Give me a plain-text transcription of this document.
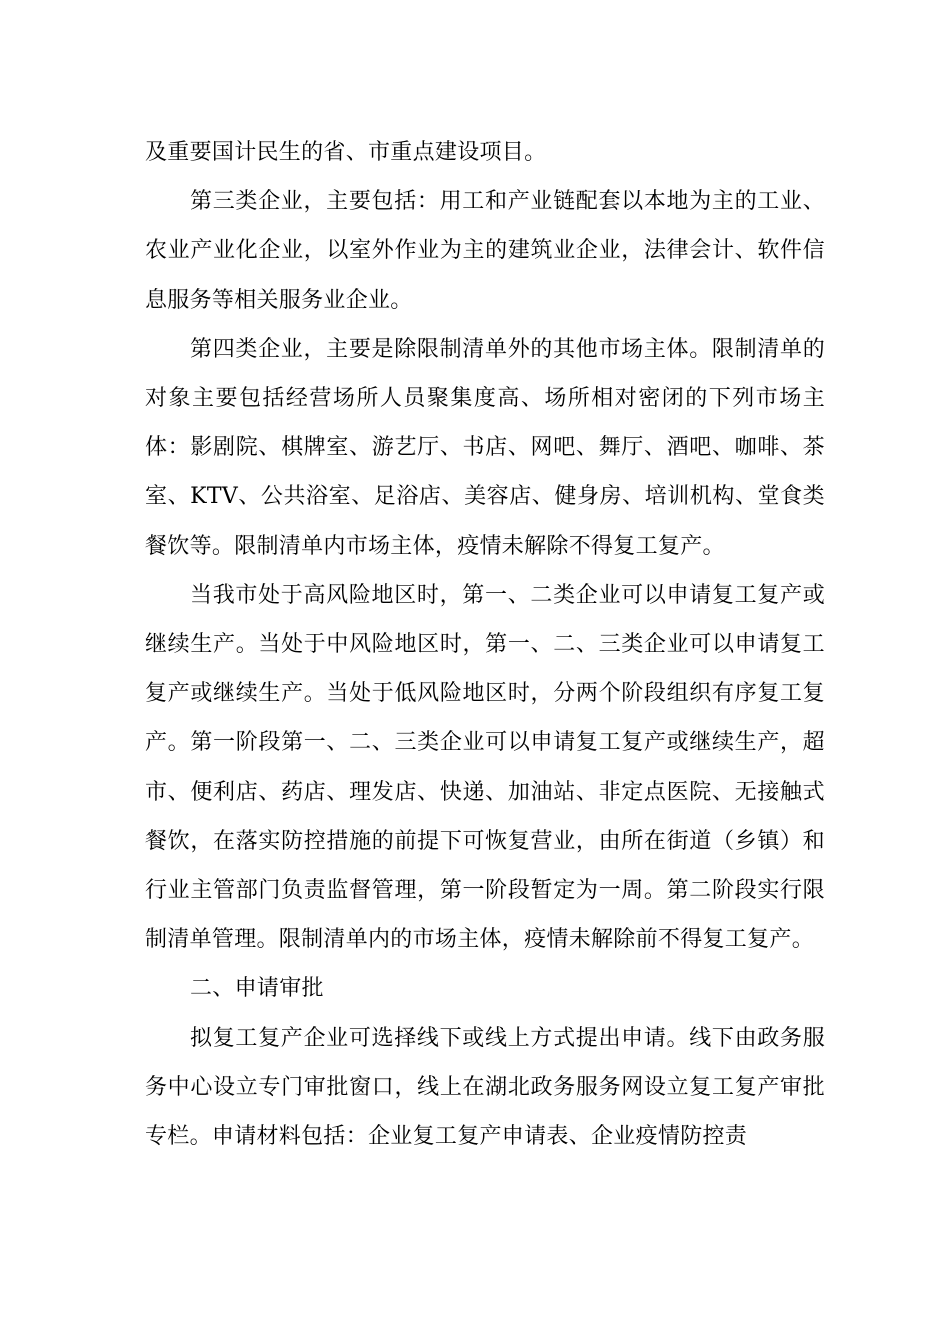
及重要国计民生的省、市重点建设项目。

第三类企业，主要包括：用工和产业链配套以本地为主的工业、农业产业化企业，以室外作业为主的建筑业企业，法律会计、软件信息服务等相关服务业企业。

第四类企业，主要是除限制清单外的其他市场主体。限制清单的对象主要包括经营场所人员聚集度高、场所相对密闭的下列市场主体：影剧院、棋牌室、游艺厅、书店、网吧、舞厅、酒吧、咖啡、茶室、KTV、公共浴室、足浴店、美容店、健身房、培训机构、堂食类餐饮等。限制清单内市场主体，疫情未解除不得复工复产。

当我市处于高风险地区时，第一、二类企业可以申请复工复产或继续生产。当处于中风险地区时，第一、二、三类企业可以申请复工复产或继续生产。当处于低风险地区时，分两个阶段组织有序复工复产。第一阶段第一、二、三类企业可以申请复工复产或继续生产，超市、便利店、药店、理发店、快递、加油站、非定点医院、无接触式餐饮，在落实防控措施的前提下可恢复营业，由所在街道（乡镇）和行业主管部门负责监督管理，第一阶段暂定为一周。第二阶段实行限制清单管理。限制清单内的市场主体，疫情未解除前不得复工复产。

二、申请审批

拟复工复产企业可选择线下或线上方式提出申请。线下由政务服务中心设立专门审批窗口，线上在湖北政务服务网设立复工复产审批专栏。申请材料包括：企业复工复产申请表、企业疫情防控责
